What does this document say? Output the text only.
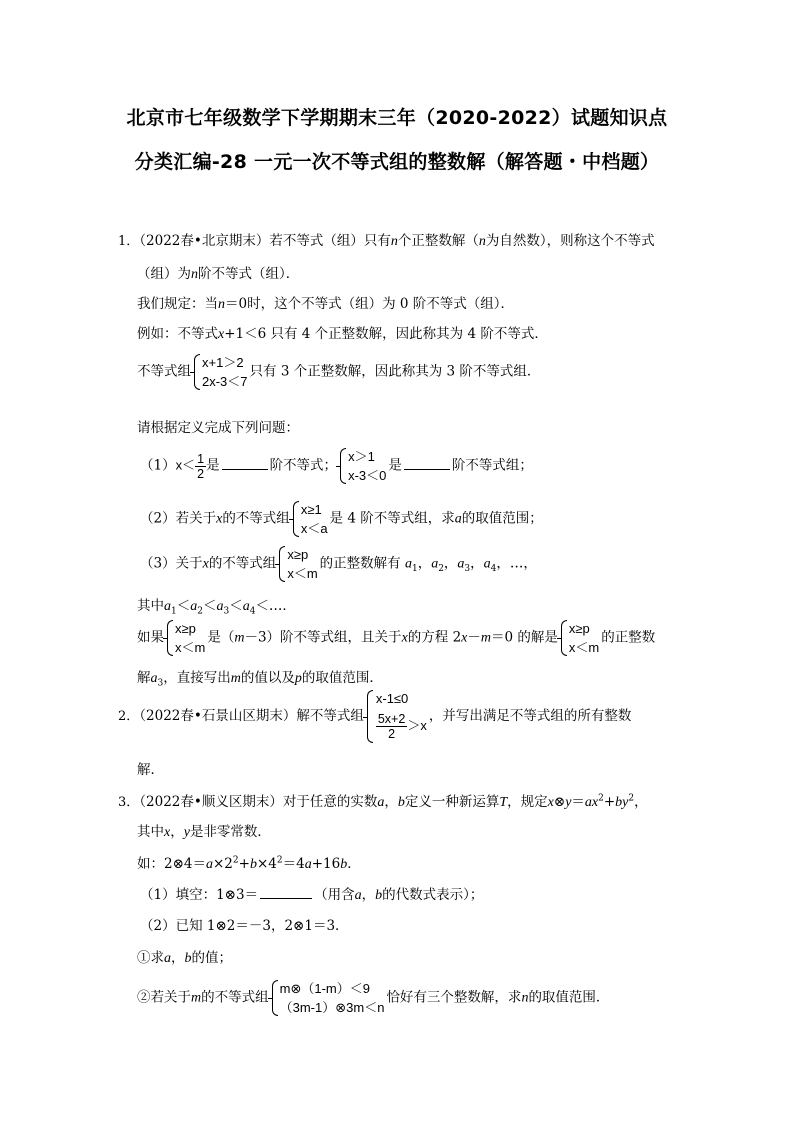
北京市七年级数学下学期期末三年（2020-2022）试题知识点
分类汇编-28 一元一次不等式组的整数解（解答题・中档题）
1．（2022春•北京期末）若不等式（组）只有n个正整数解（n为自然数），则称这个不等式
（组）为n阶不等式（组）．
我们规定：当n＝0时，这个不等式（组）为 0 阶不等式（组）．
例如：不等式x+1＜6 只有 4 个正整数解，因此称其为 4 阶不等式．
不等式组
x+1＞2
2x-3＜7
只有 3 个正整数解，因此称其为 3 阶不等式组．
请根据定义完成下列问题：
$(1)x< \frac{1}{2}$ 是	阶不等式；
x＞1
x-3＜0
是	阶不等式组；
（2）若关于x的不等式组
x≥1
x＜a
是 4 阶不等式组，求a的取值范围；
（3）关于x的不等式组
x≥p
x＜m
的正整数解有 $a_1$，$a_2$，$a_3$，$a_4$，…，
其中$a_1<a_2<a_3<a_4<\dots$．
如果
x≥p
x＜m
是（m－3）阶不等式组，且关于x的方程 2x－m＝0 的解是
x≥p
x＜m
的正整数
解$a_3$，直接写出m的值以及p的取值范围．
2．（2022春•石景山区期末）解不等式组
x-1≤0
$\frac{5x+2}{2} >x$
，并写出满足不等式组的所有整数
解．
3．（2022春•顺义区期末）对于任意的实数a，b定义一种新运算T，规定$x\otimes y=ax^2+by^2$，
其中x，y是非零常数．
如：$2\otimes 4=a\times 2^2+b\times 4^2=4a+16b$．
（1）填空：1⊗3＝	（用含a，b的代数式表示）；
（2）已知 1⊗2＝－3，2⊗1＝3．
①求a，b的值；
②若关于m的不等式组
m⊗（1-m）＜9
（3m-1）⊗3m＜n
恰好有三个整数解，求n的取值范围．
